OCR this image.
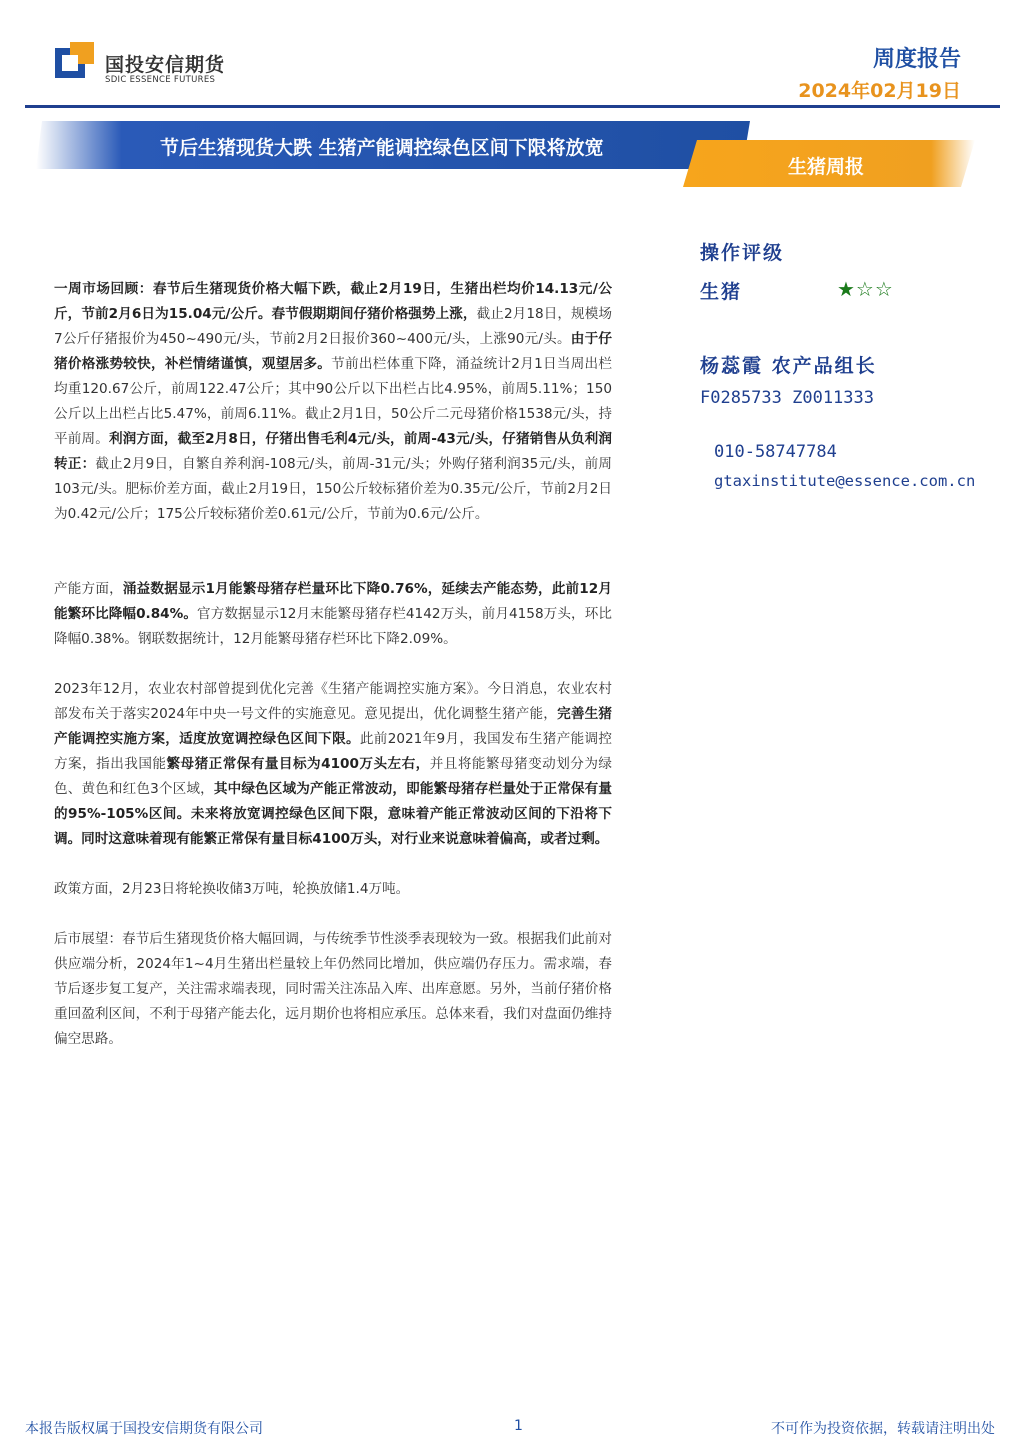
国投安信期货
SDIC ESSENCE FUTURES
周度报告
2024年02月19日
节后生猪现货大跌 生猪产能调控绿色区间下限将放宽
生猪周报
操作评级
生猪	★☆☆
杨蕊霞 农产品组长
F0285733 Z0011333
010-58747784
gtaxinstitute@essence.com.cn

一周市场回顾：春节后生猪现货价格大幅下跌，截止2月19日，生猪出栏均价14.13元/公斤，节前2月6日为15.04元/公斤。春节假期期间仔猪价格强势上涨，截止2月18日，规模场7公斤仔猪报价为450~490元/头，节前2月2日报价360~400元/头，上涨90元/头。由于仔猪价格涨势较快，补栏情绪谨慎，观望居多。节前出栏体重下降，涌益统计2月1日当周出栏均重120.67公斤，前周122.47公斤；其中90公斤以下出栏占比4.95%，前周5.11%；150公斤以上出栏占比5.47%，前周6.11%。截止2月1日，50公斤二元母猪价格1538元/头，持平前周。利润方面，截至2月8日，仔猪出售毛利4元/头，前周-43元/头，仔猪销售从负利润转正：截止2月9日，自繁自养利润-108元/头，前周-31元/头；外购仔猪利润35元/头，前周103元/头。肥标价差方面，截止2月19日，150公斤较标猪价差为0.35元/公斤，节前2月2日为0.42元/公斤；175公斤较标猪价差0.61元/公斤，节前为0.6元/公斤。

产能方面，涌益数据显示1月能繁母猪存栏量环比下降0.76%，延续去产能态势，此前12月能繁环比降幅0.84%。官方数据显示12月末能繁母猪存栏4142万头，前月4158万头，环比降幅0.38%。钢联数据统计，12月能繁母猪存栏环比下降2.09%。

2023年12月，农业农村部曾提到优化完善《生猪产能调控实施方案》。今日消息，农业农村部发布关于落实2024年中央一号文件的实施意见。意见提出，优化调整生猪产能，完善生猪产能调控实施方案，适度放宽调控绿色区间下限。此前2021年9月，我国发布生猪产能调控方案，指出我国能繁母猪正常保有量目标为4100万头左右，并且将能繁母猪变动划分为绿色、黄色和红色3个区域，其中绿色区域为产能正常波动，即能繁母猪存栏量处于正常保有量的95%-105%区间。未来将放宽调控绿色区间下限，意味着产能正常波动区间的下沿将下调。同时这意味着现有能繁正常保有量目标4100万头，对行业来说意味着偏高，或者过剩。

政策方面，2月23日将轮换收储3万吨，轮换放储1.4万吨。

后市展望：春节后生猪现货价格大幅回调，与传统季节性淡季表现较为一致。根据我们此前对供应端分析，2024年1~4月生猪出栏量较上年仍然同比增加，供应端仍存压力。需求端，春节后逐步复工复产，关注需求端表现，同时需关注冻品入库、出库意愿。另外，当前仔猪价格重回盈利区间，不利于母猪产能去化，远月期价也将相应承压。总体来看，我们对盘面仍维持偏空思路。

本报告版权属于国投安信期货有限公司	1	不可作为投资依据，转载请注明出处
